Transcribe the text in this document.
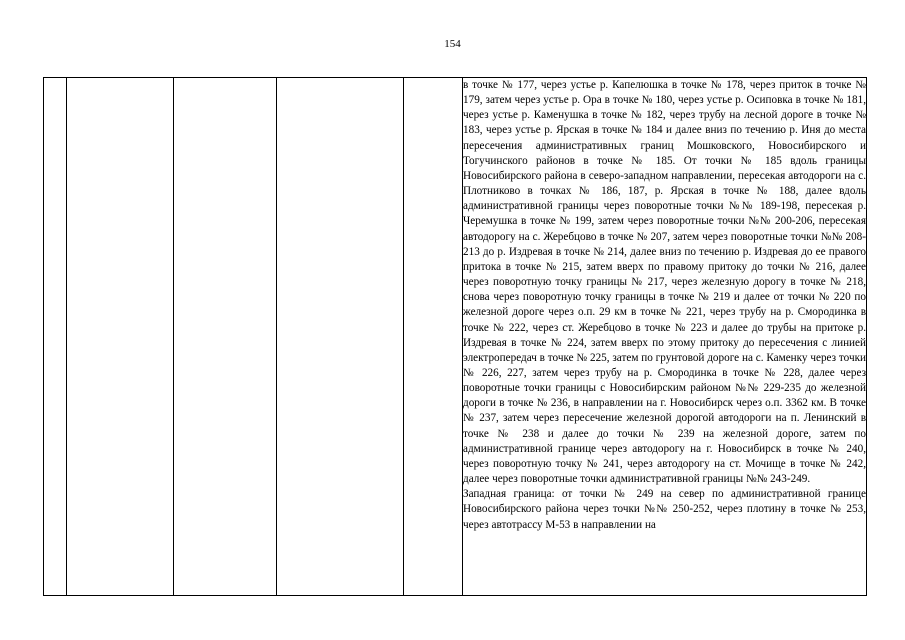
154

в точке № 177, через устье р. Капелюшка в точке № 178, через приток в точке № 179, затем через устье р. Ора в точке № 180, через устье р. Осиповка в точке № 181, через устье р. Каменушка в точке № 182, через трубу на лесной дороге в точке № 183, через устье р. Ярская в точке № 184 и далее вниз по течению р. Иня до места пересечения административных границ Мошковского, Новосибирского и Тогучинского районов в точке № 185. От точки № 185 вдоль границы Новосибирского района в северо-западном направлении, пересекая автодороги на с. Плотниково в точках № 186, 187, р. Ярская в точке № 188, далее вдоль административной границы через поворотные точки №№ 189-198, пересекая р. Черемушка в точке № 199, затем через поворотные точки №№ 200-206, пересекая автодорогу на с. Жеребцово в точке № 207, затем через поворотные точки №№ 208-213 до р. Издревая в точке № 214, далее вниз по течению р. Издревая до ее правого притока в точке № 215, затем вверх по правому притоку до точки № 216, далее через поворотную точку границы № 217, через железную дорогу в точке № 218, снова через поворотную точку границы в точке № 219 и далее от точки № 220 по железной дороге через о.п. 29 км в точке № 221, через трубу на р. Смородинка в точке № 222, через ст. Жеребцово в точке № 223 и далее до трубы на притоке р. Издревая в точке № 224, затем вверх по этому притоку до пересечения с линией электропередач в точке № 225, затем по грунтовой дороге на с. Каменку через точки № 226, 227, затем через трубу на р. Смородинка в точке № 228, далее через поворотные точки границы с Новосибирским районом №№ 229-235 до железной дороги в точке № 236, в направлении на г. Новосибирск через о.п. 3362 км. В точке № 237, затем через пересечение железной дорогой автодороги на п. Ленинский в точке № 238 и далее до точки № 239 на железной дороге, затем по административной границе через автодорогу на г. Новосибирск в точке № 240, через поворотную точку № 241, через автодорогу на ст. Мочище в точке № 242, далее через поворотные точки административной границы №№ 243-249.

Западная граница: от точки № 249 на север по административной границе Новосибирского района через точки №№ 250-252, через плотину в точке № 253, через автотрассу М-53 в направлении на
